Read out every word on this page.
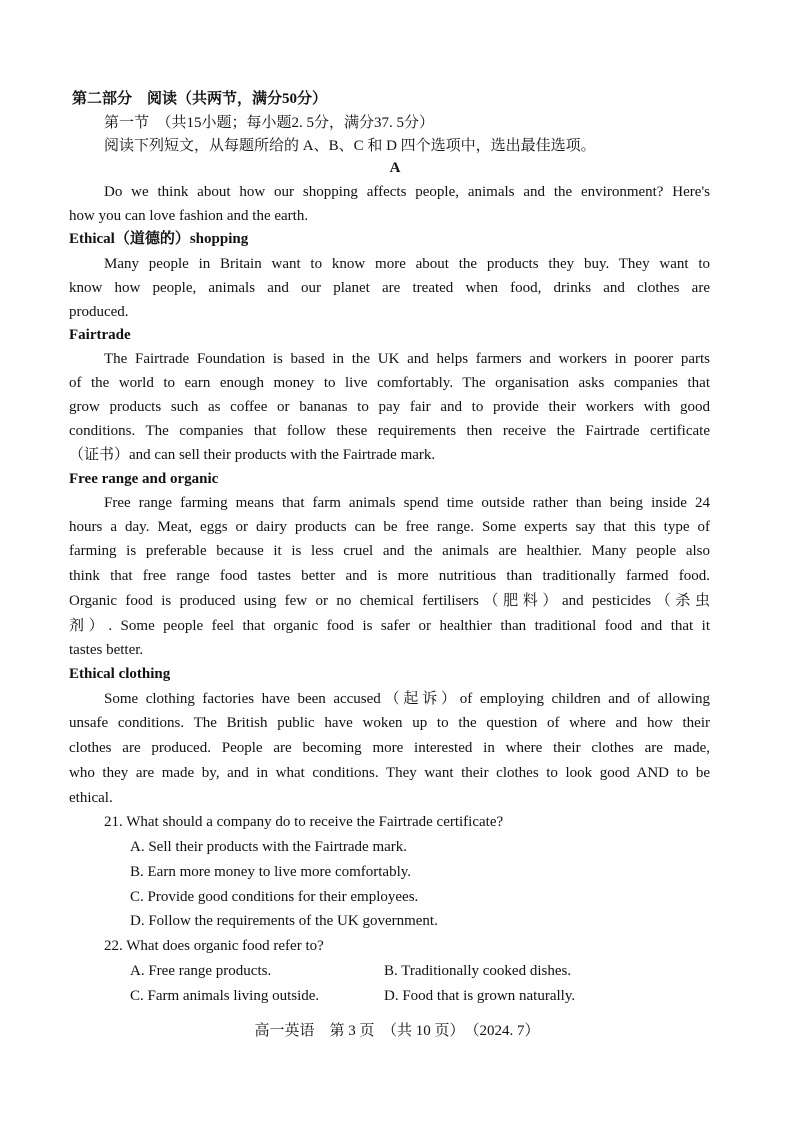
第二部分　阅读（共两节，满分50分）
第一节　（共15小题；每小题2. 5分，满分37. 5分）
阅读下列短文，从每题所给的 A、B、C 和 D 四个选项中，选出最佳选项。
A
Do we think about how our shopping affects people, animals and the environment? Here's
how you can love fashion and the earth.
Ethical（道德的）shopping
Many people in Britain want to know more about the products they buy. They want to
know how people, animals and our planet are treated when food, drinks and clothes are
produced.
Fairtrade
The Fairtrade Foundation is based in the UK and helps farmers and workers in poorer parts
of the world to earn enough money to live comfortably. The organisation asks companies that
grow products such as coffee or bananas to pay fair and to provide their workers with good
conditions. The companies that follow these requirements then receive the Fairtrade certificate
（证书）and can sell their products with the Fairtrade mark.
Free range and organic
Free range farming means that farm animals spend time outside rather than being inside 24
hours a day. Meat, eggs or dairy products can be free range. Some experts say that this type of
farming is preferable because it is less cruel and the animals are healthier. Many people also
think that free range food tastes better and is more nutritious than traditionally farmed food.
Organic food is produced using few or no chemical fertilisers（肥料）and pesticides（杀虫
剂）. Some people feel that organic food is safer or healthier than traditional food and that it
tastes better.
Ethical clothing
Some clothing factories have been accused（起诉）of employing children and of allowing
unsafe conditions. The British public have woken up to the question of where and how their
clothes are produced. People are becoming more interested in where their clothes are made,
who they are made by, and in what conditions. They want their clothes to look good AND to be
ethical.
21. What should a company do to receive the Fairtrade certificate?
A. Sell their products with the Fairtrade mark.
B. Earn more money to live more comfortably.
C. Provide good conditions for their employees.
D. Follow the requirements of the UK government.
22. What does organic food refer to?
A. Free range products.	B. Traditionally cooked dishes.
C. Farm animals living outside.	D. Food that is grown naturally.
高一英语　第 3 页　（共 10 页）　（2024. 7）
